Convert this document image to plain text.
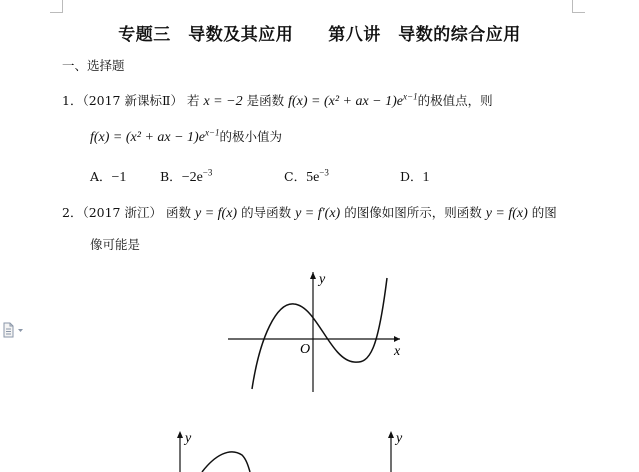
专题三　导数及其应用　　第八讲　导数的综合应用
一、选择题
1．（2017 新课标Ⅱ） 若 x = −2 是函数 f(x) = (x² + ax − $1)e^{x-1}$的极值点，则
f(x) = (x² + ax − $1)e^{x-1}$的极小值为
A．−1	B．$-2e^{-3}$	C．$5e^{-3}$	D．1
2．（2017 浙江） 函数 y = f(x) 的导函数 y = f′(x) 的图像如图所示，则函数 y = f(x) 的图
像可能是
y
x
O
y	y
